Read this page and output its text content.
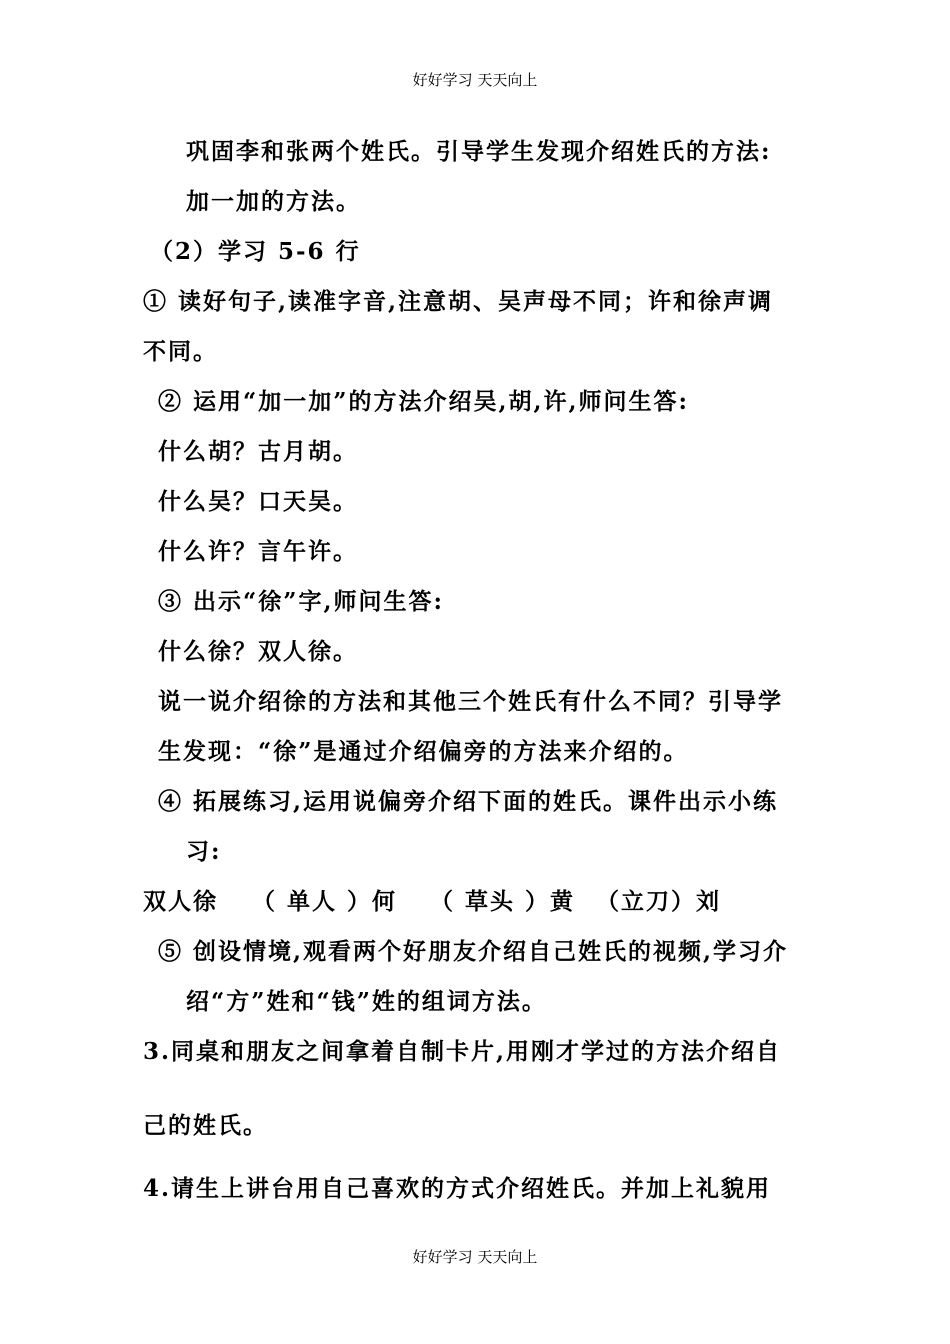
好好学习 天天向上
巩固李和张两个姓氏。引导学生发现介绍姓氏的方法:
加一加的方法。
（2）学习 5-6 行
① 读好句子,读准字音,注意胡、吴声母不同；许和徐声调
不同。
② 运用“加一加”的方法介绍吴,胡,许,师问生答:
什么胡？古月胡。
什么吴？口天吴。
什么许？言午许。
③ 出示“徐”字,师问生答:
什么徐？双人徐。
说一说介绍徐的方法和其他三个姓氏有什么不同？引导学
生发现：“徐”是通过介绍偏旁的方法来介绍的。
④ 拓展练习,运用说偏旁介绍下面的姓氏。课件出示小练
习:
双人徐 （ 单人 ）何 （ 草头 ）黄 （立刀）刘
⑤ 创设情境,观看两个好朋友介绍自己姓氏的视频,学习介
绍“方”姓和“钱”姓的组词方法。
3.同桌和朋友之间拿着自制卡片,用刚才学过的方法介绍自
己的姓氏。
4.请生上讲台用自己喜欢的方式介绍姓氏。并加上礼貌用
好好学习 天天向上
